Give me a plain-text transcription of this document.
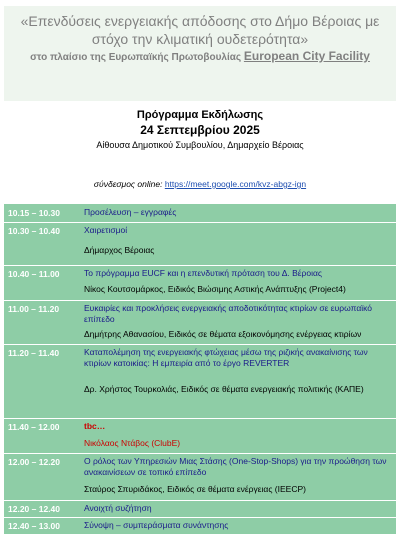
«Επενδύσεις ενεργειακής απόδοσης στο Δήμο Βέροιας με στόχο την κλιματική ουδετερότητα»
στο πλαίσιο της Ευρωπαϊκής Πρωτοβουλίας European City Facility
Πρόγραμμα Εκδήλωσης
24 Σεπτεμβρίου 2025
Αίθουσα Δημοτικού Συμβουλίου, Δημαρχείο Βέροιας
σύνδεσμος online: https://meet.google.com/kvz-abgz-ign
10.15 – 10.30	Προσέλευση – εγγραφές
10.30 – 10.40	Χαιρετισμοί
Δήμαρχος Βέροιας
10.40 – 11.00	Το πρόγραμμα EUCF και η επενδυτική πρόταση του Δ. Βέροιας
Νίκος Κουτσομάρκος, Ειδικός Βιώσιμης Αστικής Ανάπτυξης (Project4)
11.00 – 11.20	Ευκαιρίες και προκλήσεις ενεργειακής αποδοτικότητας κτιρίων σε ευρωπαϊκό επίπεδο
Δημήτρης Αθανασίου, Ειδικός σε θέματα εξοικονόμησης ενέργειας κτιρίων
11.20 – 11.40	Καταπολέμηση της ενεργειακής φτώχειας μέσω της ριζικής ανακαίνισης των κτιρίων κατοικίας: Η εμπειρία από το έργο REVERTER
Δρ. Χρήστος Τουρκολιάς, Ειδικός σε θέματα ενεργειακής πολιτικής (ΚΑΠΕ)
11.40 – 12.00	tbc…
Νικόλαος Ντάβος (ClubE)
12.00 – 12.20	Ο ρόλος των Υπηρεσιών Μιας Στάσης (One-Stop-Shops) για την προώθηση των ανακαινίσεων σε τοπικό επίπεδο
Σταύρος Σπυριδάκος, Ειδικός σε θέματα ενέργειας (IEECP)
12.20 – 12.40	Ανοιχτή συζήτηση
12.40 – 13.00	Σύνοψη – συμπεράσματα συνάντησης
